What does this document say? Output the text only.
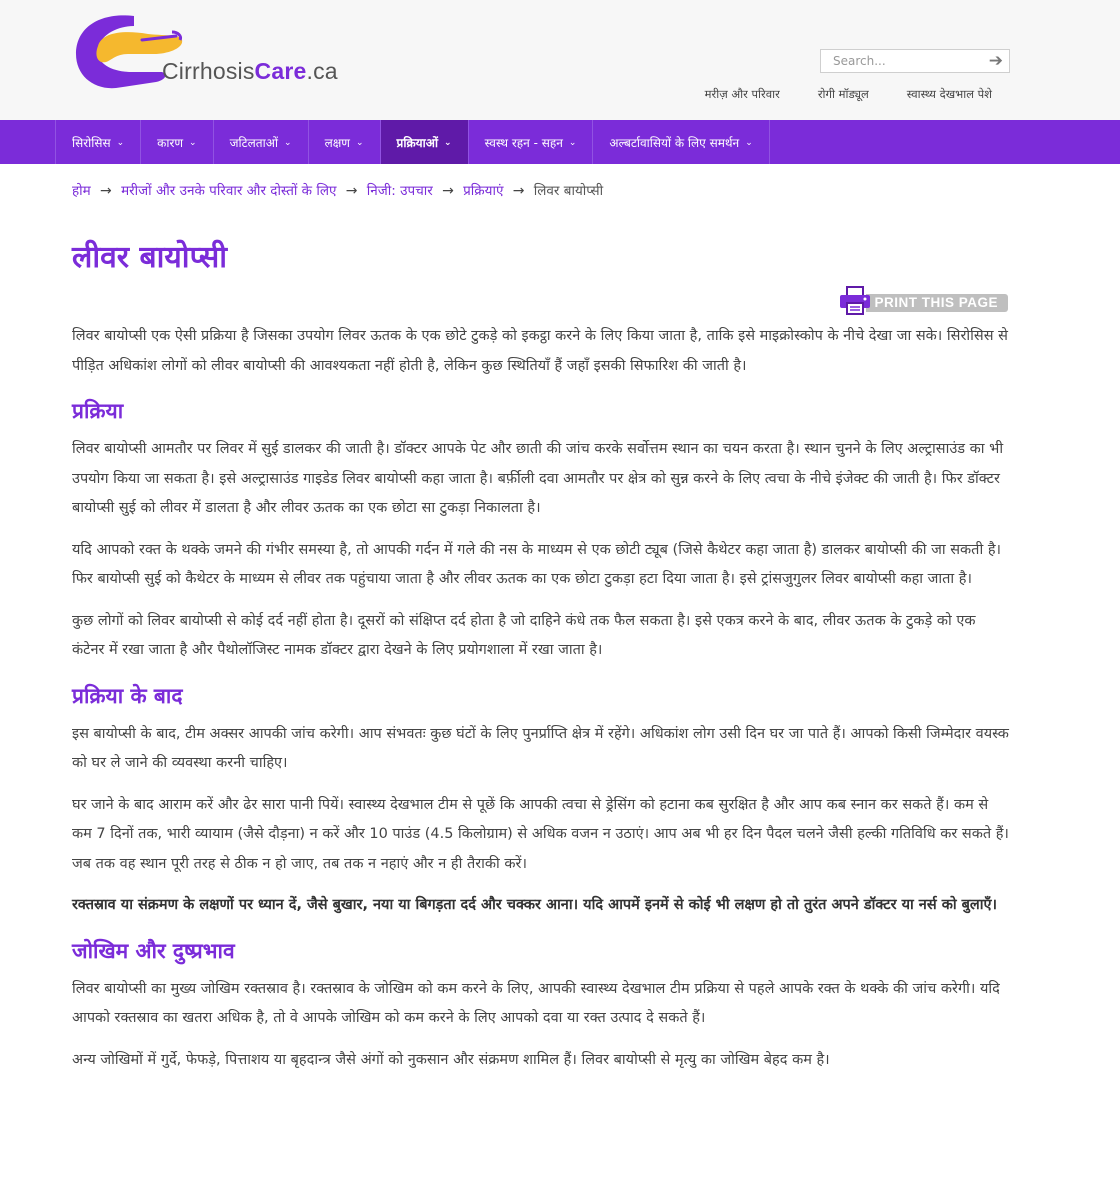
CirrhosisCare.ca
Search...	➔
मरीज़ और परिवार	रोगी मॉड्यूल	स्वास्थ्य देखभाल पेशे
सिरोसिस ⌄	कारण ⌄	जटिलताओं ⌄	लक्षण ⌄	प्रक्रियाओं ⌄	स्वस्थ रहन - सहन ⌄	अल्बर्टावासियों के लिए समर्थन ⌄
होम → मरीजों और उनके परिवार और दोस्तों के लिए → निजी: उपचार → प्रक्रियाएं → लिवर बायोप्सी
लीवर बायोप्सी
PRINT THIS PAGE

लिवर बायोप्सी एक ऐसी प्रक्रिया है जिसका उपयोग लिवर ऊतक के एक छोटे टुकड़े को इकट्ठा करने के लिए किया जाता है, ताकि इसे माइक्रोस्कोप के नीचे देखा जा सके। सिरोसिस से पीड़ित अधिकांश लोगों को लीवर बायोप्सी की आवश्यकता नहीं होती है, लेकिन कुछ स्थितियाँ हैं जहाँ इसकी सिफारिश की जाती है।

प्रक्रिया

लिवर बायोप्सी आमतौर पर लिवर में सुई डालकर की जाती है। डॉक्टर आपके पेट और छाती की जांच करके सर्वोत्तम स्थान का चयन करता है। स्थान चुनने के लिए अल्ट्रासाउंड का भी उपयोग किया जा सकता है। इसे अल्ट्रासाउंड गाइडेड लिवर बायोप्सी कहा जाता है। बर्फ़ीली दवा आमतौर पर क्षेत्र को सुन्न करने के लिए त्वचा के नीचे इंजेक्ट की जाती है। फिर डॉक्टर बायोप्सी सुई को लीवर में डालता है और लीवर ऊतक का एक छोटा सा टुकड़ा निकालता है।

यदि आपको रक्त के थक्के जमने की गंभीर समस्या है, तो आपकी गर्दन में गले की नस के माध्यम से एक छोटी ट्यूब (जिसे कैथेटर कहा जाता है) डालकर बायोप्सी की जा सकती है। फिर बायोप्सी सुई को कैथेटर के माध्यम से लीवर तक पहुंचाया जाता है और लीवर ऊतक का एक छोटा टुकड़ा हटा दिया जाता है। इसे ट्रांसजुगुलर लिवर बायोप्सी कहा जाता है।

कुछ लोगों को लिवर बायोप्सी से कोई दर्द नहीं होता है। दूसरों को संक्षिप्त दर्द होता है जो दाहिने कंधे तक फैल सकता है। इसे एकत्र करने के बाद, लीवर ऊतक के टुकड़े को एक कंटेनर में रखा जाता है और पैथोलॉजिस्ट नामक डॉक्टर द्वारा देखने के लिए प्रयोगशाला में रखा जाता है।

प्रक्रिया के बाद

इस बायोप्सी के बाद, टीम अक्सर आपकी जांच करेगी। आप संभवतः कुछ घंटों के लिए पुनर्प्राप्ति क्षेत्र में रहेंगे। अधिकांश लोग उसी दिन घर जा पाते हैं। आपको किसी जिम्मेदार वयस्क को घर ले जाने की व्यवस्था करनी चाहिए।

घर जाने के बाद आराम करें और ढेर सारा पानी पियें। स्वास्थ्य देखभाल टीम से पूछें कि आपकी त्वचा से ड्रेसिंग को हटाना कब सुरक्षित है और आप कब स्नान कर सकते हैं। कम से कम 7 दिनों तक, भारी व्यायाम (जैसे दौड़ना) न करें और 10 पाउंड (4.5 किलोग्राम) से अधिक वजन न उठाएं। आप अब भी हर दिन पैदल चलने जैसी हल्की गतिविधि कर सकते हैं। जब तक वह स्थान पूरी तरह से ठीक न हो जाए, तब तक न नहाएं और न ही तैराकी करें।

रक्तस्राव या संक्रमण के लक्षणों पर ध्यान दें, जैसे बुखार, नया या बिगड़ता दर्द और चक्कर आना। यदि आपमें इनमें से कोई भी लक्षण हो तो तुरंत अपने डॉक्टर या नर्स को बुलाएँ।

जोखिम और दुष्प्रभाव

लिवर बायोप्सी का मुख्य जोखिम रक्तस्राव है। रक्तस्राव के जोखिम को कम करने के लिए, आपकी स्वास्थ्य देखभाल टीम प्रक्रिया से पहले आपके रक्त के थक्के की जांच करेगी। यदि आपको रक्तस्राव का खतरा अधिक है, तो वे आपके जोखिम को कम करने के लिए आपको दवा या रक्त उत्पाद दे सकते हैं।

अन्य जोखिमों में गुर्दे, फेफड़े, पित्ताशय या बृहदान्त्र जैसे अंगों को नुकसान और संक्रमण शामिल हैं। लिवर बायोप्सी से मृत्यु का जोखिम बेहद कम है।
